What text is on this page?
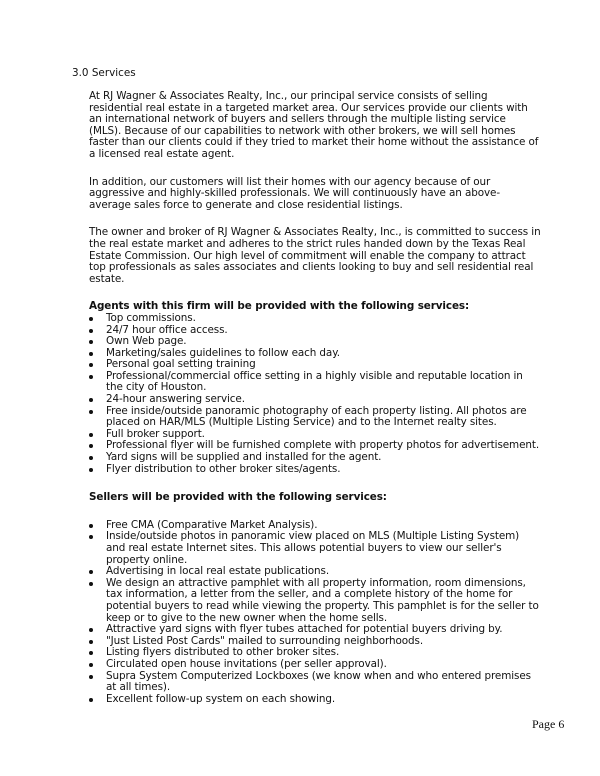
3.0 Services

At RJ Wagner & Associates Realty, Inc., our principal service consists of selling residential real estate in a targeted market area. Our services provide our clients with an international network of buyers and sellers through the multiple listing service (MLS). Because of our capabilities to network with other brokers, we will sell homes faster than our clients could if they tried to market their home without the assistance of a licensed real estate agent.

In addition, our customers will list their homes with our agency because of our aggressive and highly-skilled professionals. We will continuously have an above-average sales force to generate and close residential listings.

The owner and broker of RJ Wagner & Associates Realty, Inc., is committed to success in the real estate market and adheres to the strict rules handed down by the Texas Real Estate Commission. Our high level of commitment will enable the company to attract top professionals as sales associates and clients looking to buy and sell residential real estate.

Agents with this firm will be provided with the following services:

Top commissions.
24/7 hour office access.
Own Web page.
Marketing/sales guidelines to follow each day.
Personal goal setting training
Professional/commercial office setting in a highly visible and reputable location in the city of Houston.
24-hour answering service.
Free inside/outside panoramic photography of each property listing. All photos are placed on HAR/MLS (Multiple Listing Service) and to the Internet realty sites.
Full broker support.
Professional flyer will be furnished complete with property photos for advertisement.
Yard signs will be supplied and installed for the agent.
Flyer distribution to other broker sites/agents.

Sellers will be provided with the following services:

Free CMA (Comparative Market Analysis).
Inside/outside photos in panoramic view placed on MLS (Multiple Listing System) and real estate Internet sites. This allows potential buyers to view our seller's property online.
Advertising in local real estate publications.
We design an attractive pamphlet with all property information, room dimensions, tax information, a letter from the seller, and a complete history of the home for potential buyers to read while viewing the property. This pamphlet is for the seller to keep or to give to the new owner when the home sells.
Attractive yard signs with flyer tubes attached for potential buyers driving by.
"Just Listed Post Cards" mailed to surrounding neighborhoods.
Listing flyers distributed to other broker sites.
Circulated open house invitations (per seller approval).
Supra System Computerized Lockboxes (we know when and who entered premises at all times).
Excellent follow-up system on each showing.
Page 6
